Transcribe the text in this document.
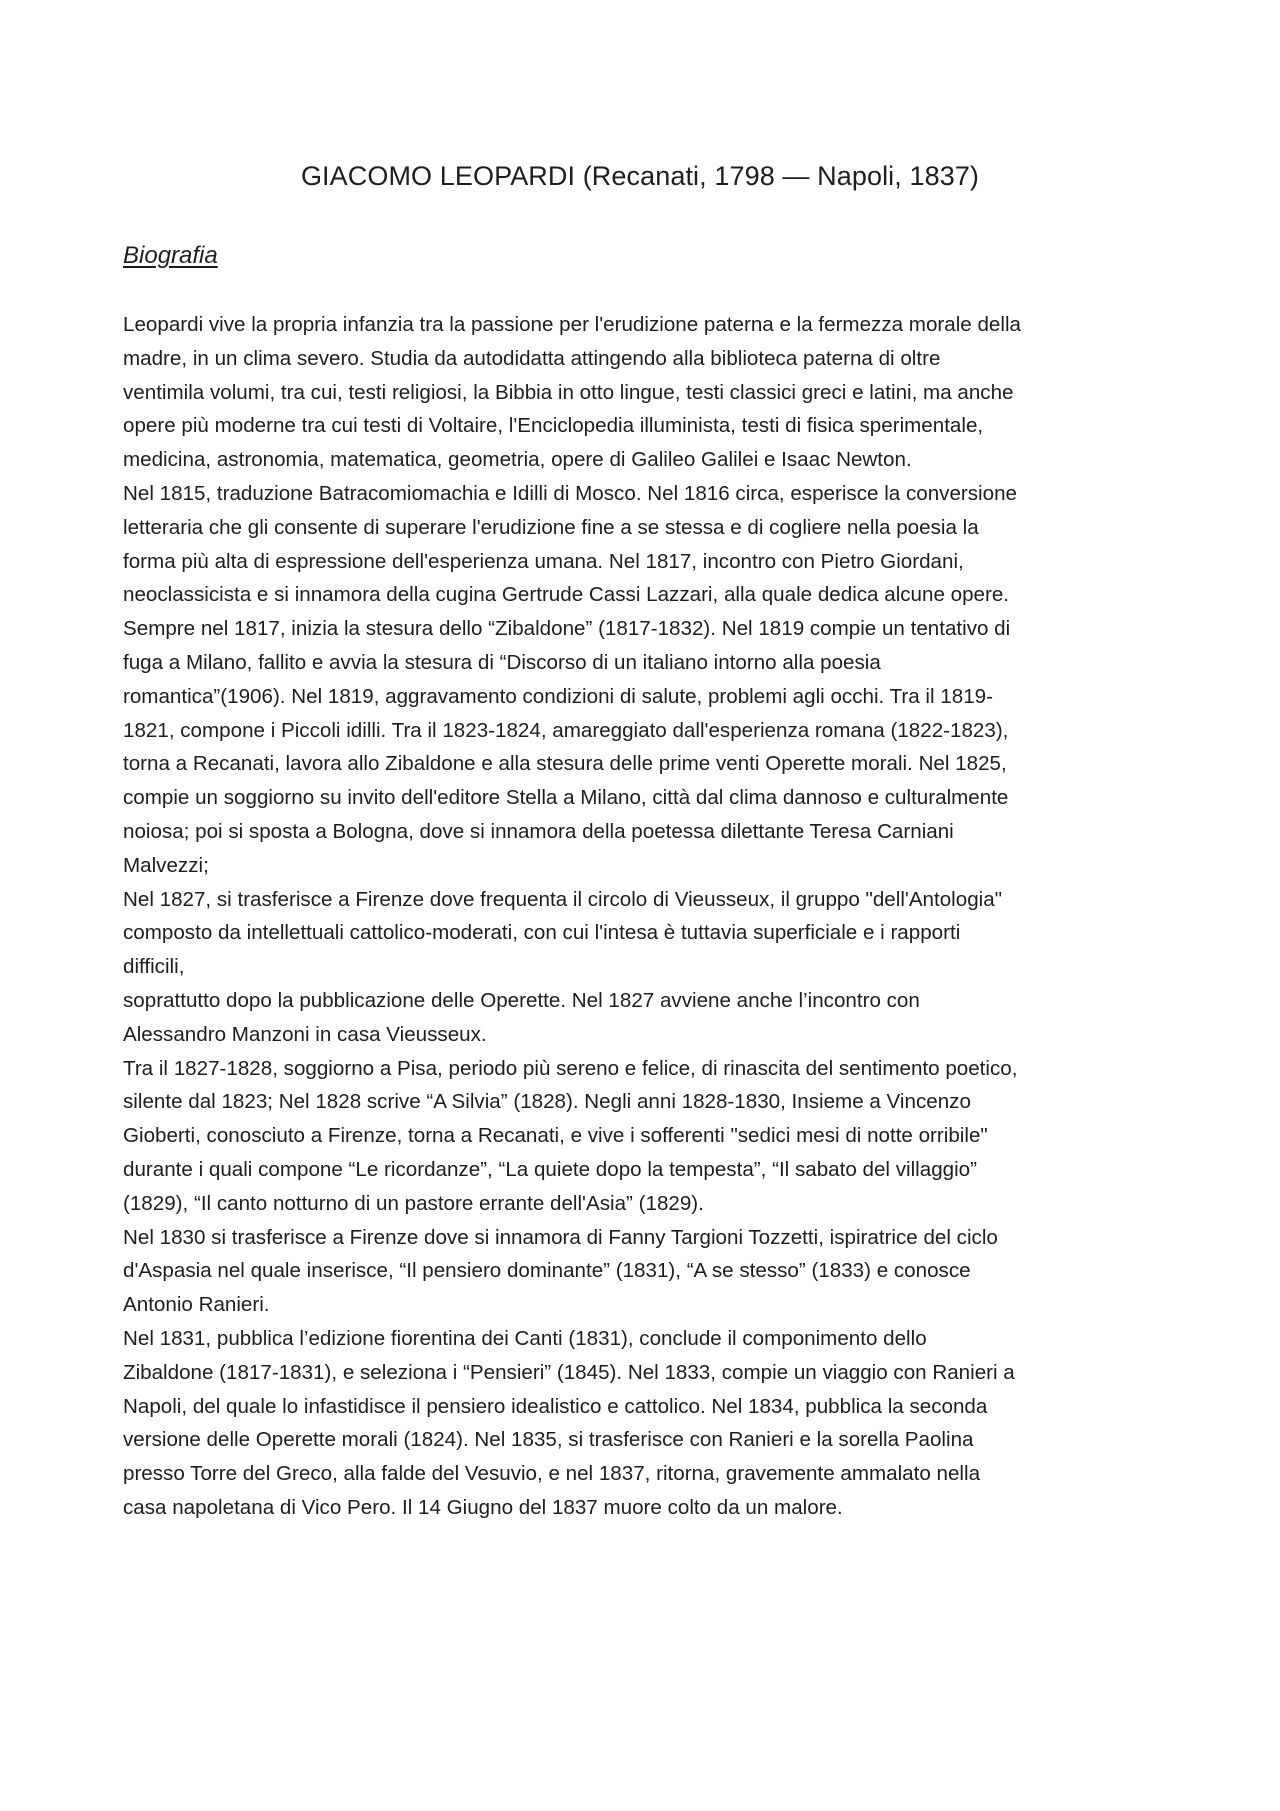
GIACOMO LEOPARDI (Recanati, 1798 — Napoli, 1837)
Biografia
Leopardi vive la propria infanzia tra la passione per l'erudizione paterna e la fermezza morale della
madre, in un clima severo. Studia da autodidatta attingendo alla biblioteca paterna di oltre
ventimila volumi, tra cui, testi religiosi, la Bibbia in otto lingue, testi classici greci e latini, ma anche
opere più moderne tra cui testi di Voltaire, l'Enciclopedia illuminista, testi di fisica sperimentale,
medicina, astronomia, matematica, geometria, opere di Galileo Galilei e Isaac Newton.
Nel 1815, traduzione Batracomiomachia e Idilli di Mosco. Nel 1816 circa, esperisce la conversione
letteraria che gli consente di superare l'erudizione fine a se stessa e di cogliere nella poesia la
forma più alta di espressione dell'esperienza umana. Nel 1817, incontro con Pietro Giordani,
neoclassicista e si innamora della cugina Gertrude Cassi Lazzari, alla quale dedica alcune opere.
Sempre nel 1817, inizia la stesura dello “Zibaldone” (1817-1832). Nel 1819 compie un tentativo di
fuga a Milano, fallito e avvia la stesura di “Discorso di un italiano intorno alla poesia
romantica”(1906). Nel 1819, aggravamento condizioni di salute, problemi agli occhi. Tra il 1819-
1821, compone i Piccoli idilli. Tra il 1823-1824, amareggiato dall'esperienza romana (1822-1823),
torna a Recanati, lavora allo Zibaldone e alla stesura delle prime venti Operette morali. Nel 1825,
compie un soggiorno su invito dell'editore Stella a Milano, città dal clima dannoso e culturalmente
noiosa; poi si sposta a Bologna, dove si innamora della poetessa dilettante Teresa Carniani
Malvezzi;
Nel 1827, si trasferisce a Firenze dove frequenta il circolo di Vieusseux, il gruppo "dell'Antologia"
composto da intellettuali cattolico-moderati, con cui l'intesa è tuttavia superficiale e i rapporti
difficili,
soprattutto dopo la pubblicazione delle Operette. Nel 1827 avviene anche l’incontro con
Alessandro Manzoni in casa Vieusseux.
Tra il 1827-1828, soggiorno a Pisa, periodo più sereno e felice, di rinascita del sentimento poetico,
silente dal 1823; Nel 1828 scrive “A Silvia” (1828). Negli anni 1828-1830, Insieme a Vincenzo
Gioberti, conosciuto a Firenze, torna a Recanati, e vive i sofferenti "sedici mesi di notte orribile"
durante i quali compone “Le ricordanze”, “La quiete dopo la tempesta”, “Il sabato del villaggio”
(1829), “Il canto notturno di un pastore errante dell'Asia” (1829).
Nel 1830 si trasferisce a Firenze dove si innamora di Fanny Targioni Tozzetti, ispiratrice del ciclo
d'Aspasia nel quale inserisce, “Il pensiero dominante” (1831), “A se stesso” (1833) e conosce
Antonio Ranieri.
Nel 1831, pubblica l’edizione fiorentina dei Canti (1831), conclude il componimento dello
Zibaldone (1817-1831), e seleziona i “Pensieri” (1845). Nel 1833, compie un viaggio con Ranieri a
Napoli, del quale lo infastidisce il pensiero idealistico e cattolico. Nel 1834, pubblica la seconda
versione delle Operette morali (1824). Nel 1835, si trasferisce con Ranieri e la sorella Paolina
presso Torre del Greco, alla falde del Vesuvio, e nel 1837, ritorna, gravemente ammalato nella
casa napoletana di Vico Pero. Il 14 Giugno del 1837 muore colto da un malore.
